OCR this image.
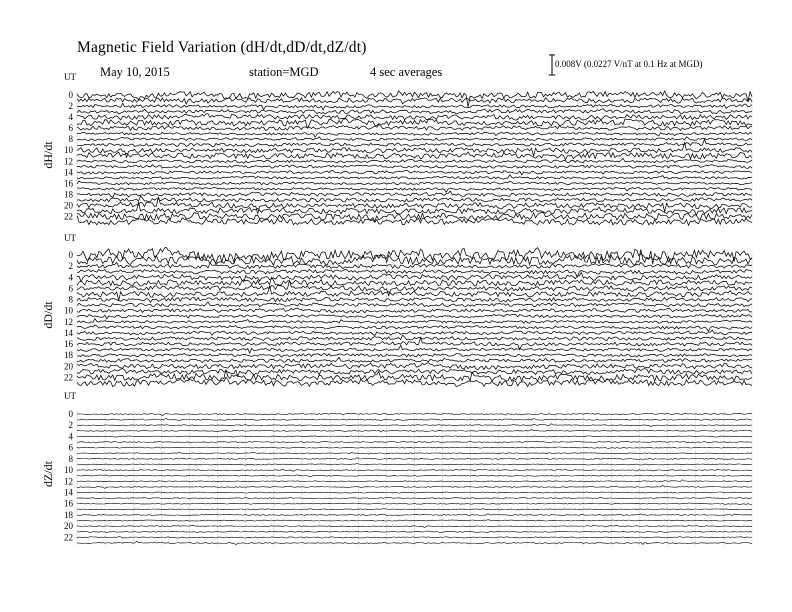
Magnetic Field Variation (dH/dt,dD/dt,dZ/dt)
May 10, 2015	station=MGD	4 sec averages
0.008V (0.0227 V/nT at 0.1 Hz at MGD)
UT
dH/dt
0
2
4
6
8
10
12
14
16
18
20
22
UT
dD/dt
0
2
4
6
8
10
12
14
16
18
20
22
UT
dZ/dt
0
2
4
6
8
10
12
14
16
18
20
22
